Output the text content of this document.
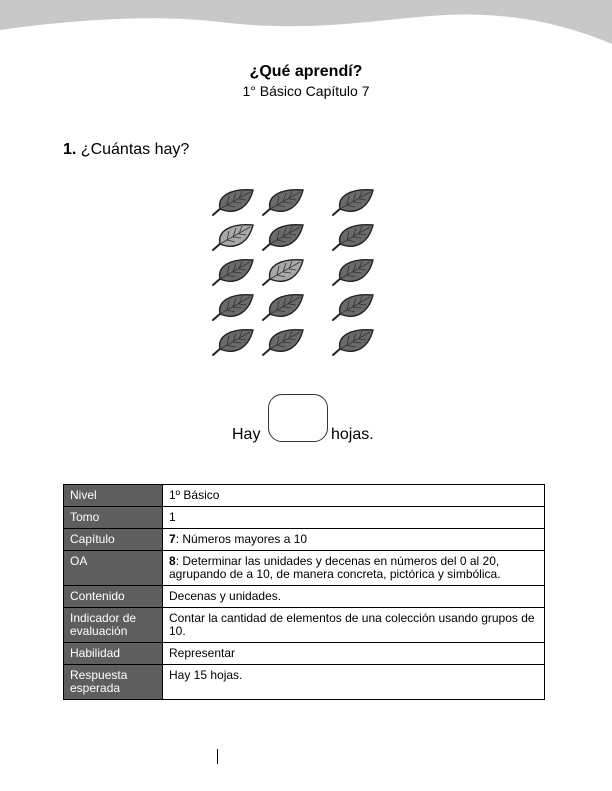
¿Qué aprendí?
1° Básico Capítulo 7
1. ¿Cuántas hay?
Hay	hojas.
Nivel	1º Básico
Tomo	1
Capítulo	7: Números mayores a 10
OA	8: Determinar las unidades y decenas en números del 0 al 20, agrupando de a 10, de manera concreta, pictórica y simbólica.
Contenido	Decenas y unidades.
Indicador de evaluación	Contar la cantidad de elementos de una colección usando grupos de 10.
Habilidad	Representar
Respuesta esperada	Hay 15 hojas.
